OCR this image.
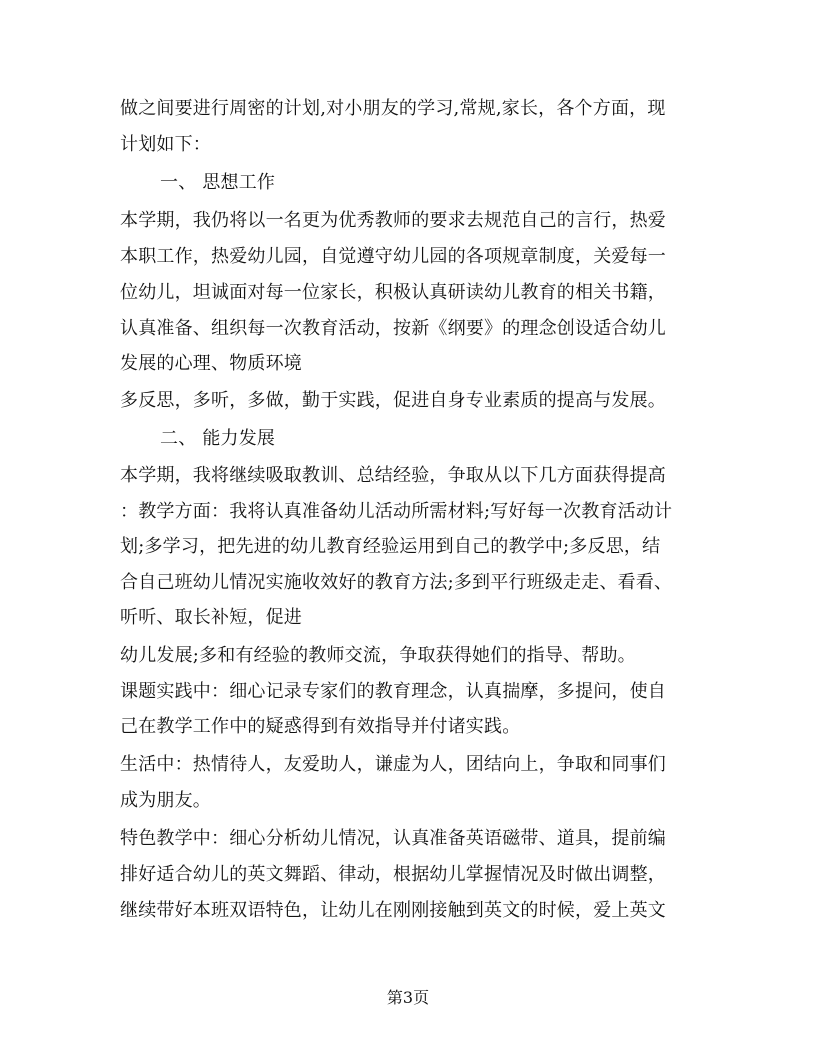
做之间要进行周密的计划,对小朋友的学习,常规,家长，各个方面，现
计划如下：
一、 思想工作
本学期，我仍将以一名更为优秀教师的要求去规范自己的言行，热爱
本职工作，热爱幼儿园，自觉遵守幼儿园的各项规章制度，关爱每一
位幼儿，坦诚面对每一位家长，积极认真研读幼儿教育的相关书籍，
认真准备、组织每一次教育活动，按新《纲要》的理念创设适合幼儿
发展的心理、物质环境
多反思，多听，多做，勤于实践，促进自身专业素质的提高与发展。
二、 能力发展
本学期，我将继续吸取教训、总结经验，争取从以下几方面获得提高
：教学方面：我将认真准备幼儿活动所需材料;写好每一次教育活动计
划;多学习，把先进的幼儿教育经验运用到自己的教学中;多反思，结
合自己班幼儿情况实施收效好的教育方法;多到平行班级走走、看看、
听听、取长补短，促进
幼儿发展;多和有经验的教师交流，争取获得她们的指导、帮助。
课题实践中：细心记录专家们的教育理念，认真揣摩，多提问，使自
己在教学工作中的疑惑得到有效指导并付诸实践。
生活中：热情待人，友爱助人，谦虚为人，团结向上，争取和同事们
成为朋友。
特色教学中：细心分析幼儿情况，认真准备英语磁带、道具，提前编
排好适合幼儿的英文舞蹈、律动，根据幼儿掌握情况及时做出调整，
继续带好本班双语特色，让幼儿在刚刚接触到英文的时候，爱上英文
第3页
